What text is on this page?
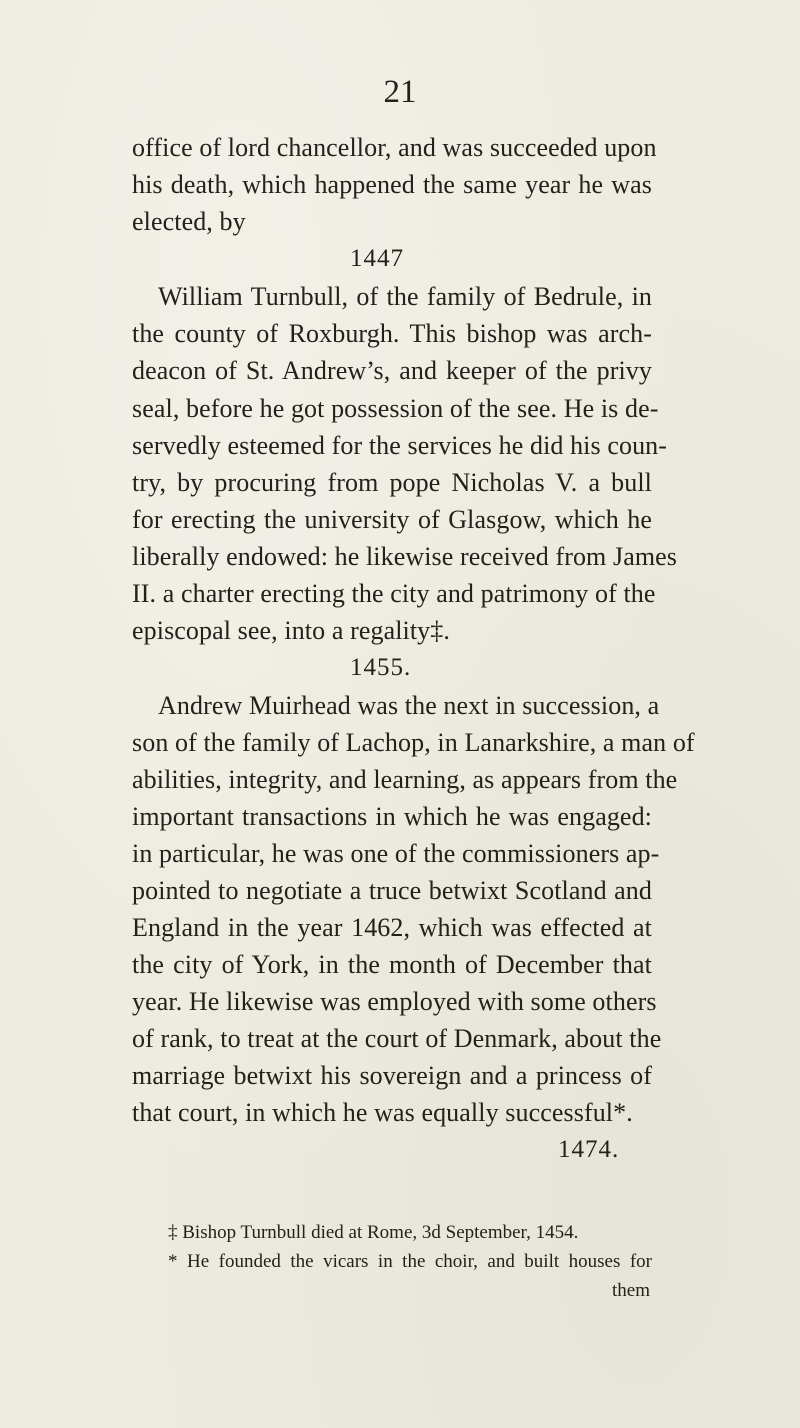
21
office of lord chancellor, and was succeeded upon
his death, which happened the same year he was
elected, by
1447
William Turnbull, of the family of Bedrule, in
the county of Roxburgh. This bishop was arch-
deacon of St. Andrew’s, and keeper of the privy
seal, before he got possession of the see. He is de-
servedly esteemed for the services he did his coun-
try, by procuring from pope Nicholas V. a bull
for erecting the university of Glasgow, which he
liberally endowed: he likewise received from James
II. a charter erecting the city and patrimony of the
episcopal see, into a regality‡.
1455.
Andrew Muirhead was the next in succession, a
son of the family of Lachop, in Lanarkshire, a man of
abilities, integrity, and learning, as appears from the
important transactions in which he was engaged:
in particular, he was one of the commissioners ap-
pointed to negotiate a truce betwixt Scotland and
England in the year 1462, which was effected at
the city of York, in the month of December that
year. He likewise was employed with some others
of rank, to treat at the court of Denmark, about the
marriage betwixt his sovereign and a princess of
that court, in which he was equally successful*.
1474.
‡ Bishop Turnbull died at Rome, 3d September, 1454.
* He founded the vicars in the choir, and built houses for
them
